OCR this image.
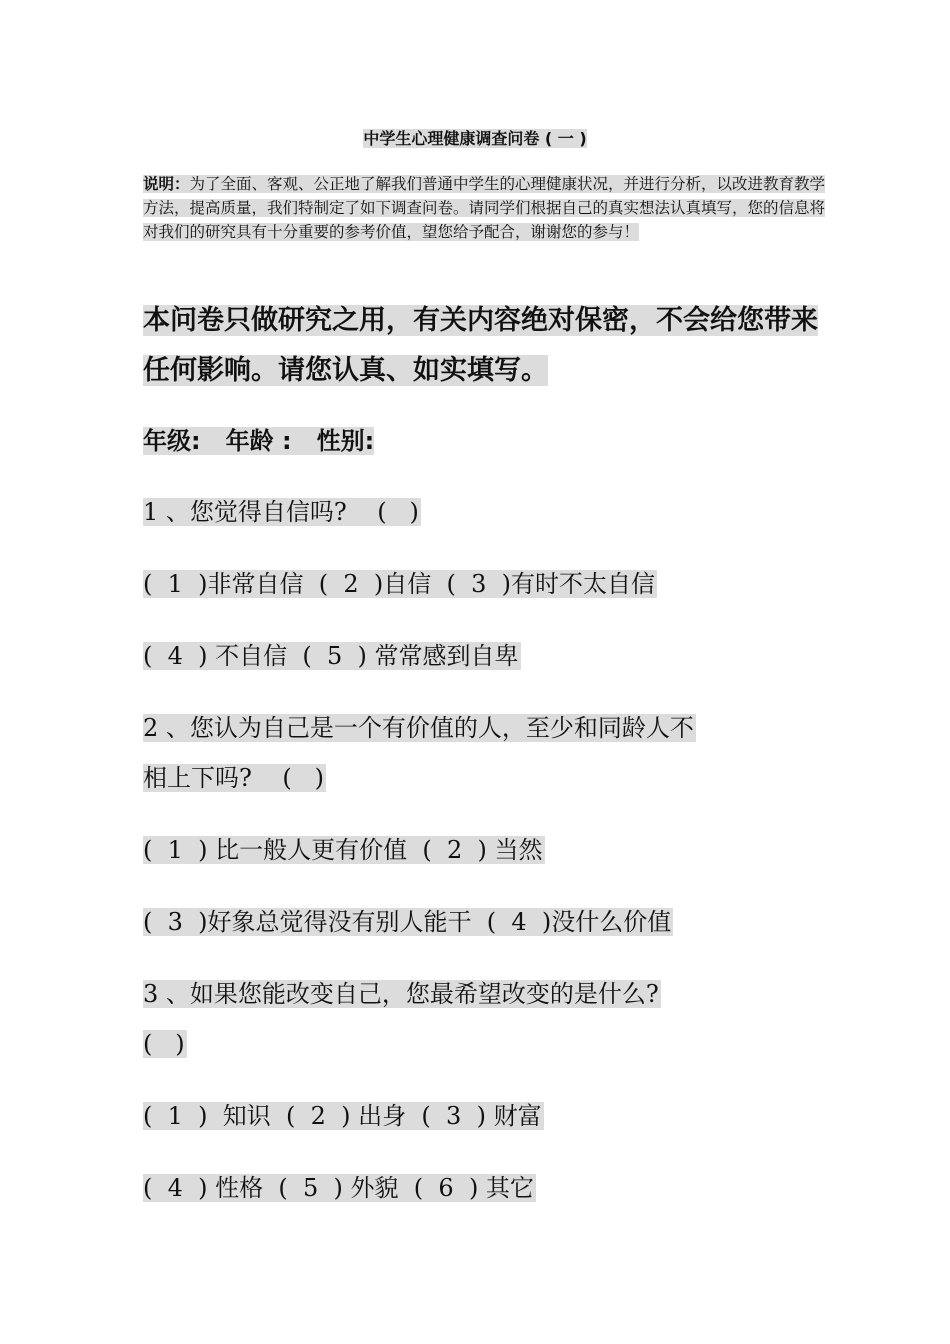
中学生心理健康调查问卷 ( 一 )
说明：为了全面、客观、公正地了解我们普通中学生的心理健康状况，并进行分析，以改进教育教学方法，提高质量，我们特制定了如下调查问卷。请同学们根据自己的真实想法认真填写，您的信息将对我们的研究具有十分重要的参考价值，望您给予配合，谢谢您的参与！
本问卷只做研究之用，有关内容绝对保密，不会给您带来任何影响。请您认真、如实填写。
年级:   年龄 :   性别:
1 、您觉得自信吗?    (   )
(  1  )非常自信  (  2  )自信  (  3  )有时不太自信
(  4  ) 不自信  (  5  ) 常常感到自卑
2 、您认为自己是一个有价值的人，至少和同龄人不
相上下吗?    (   )
(  1  ) 比一般人更有价值  (  2  ) 当然
(  3  )好象总觉得没有别人能干  (  4  )没什么价值
3 、如果您能改变自己，您最希望改变的是什么?
(   )
(  1  )  知识  (  2  ) 出身  (  3  ) 财富
(  4  ) 性格  (  5  ) 外貌  (  6  ) 其它
